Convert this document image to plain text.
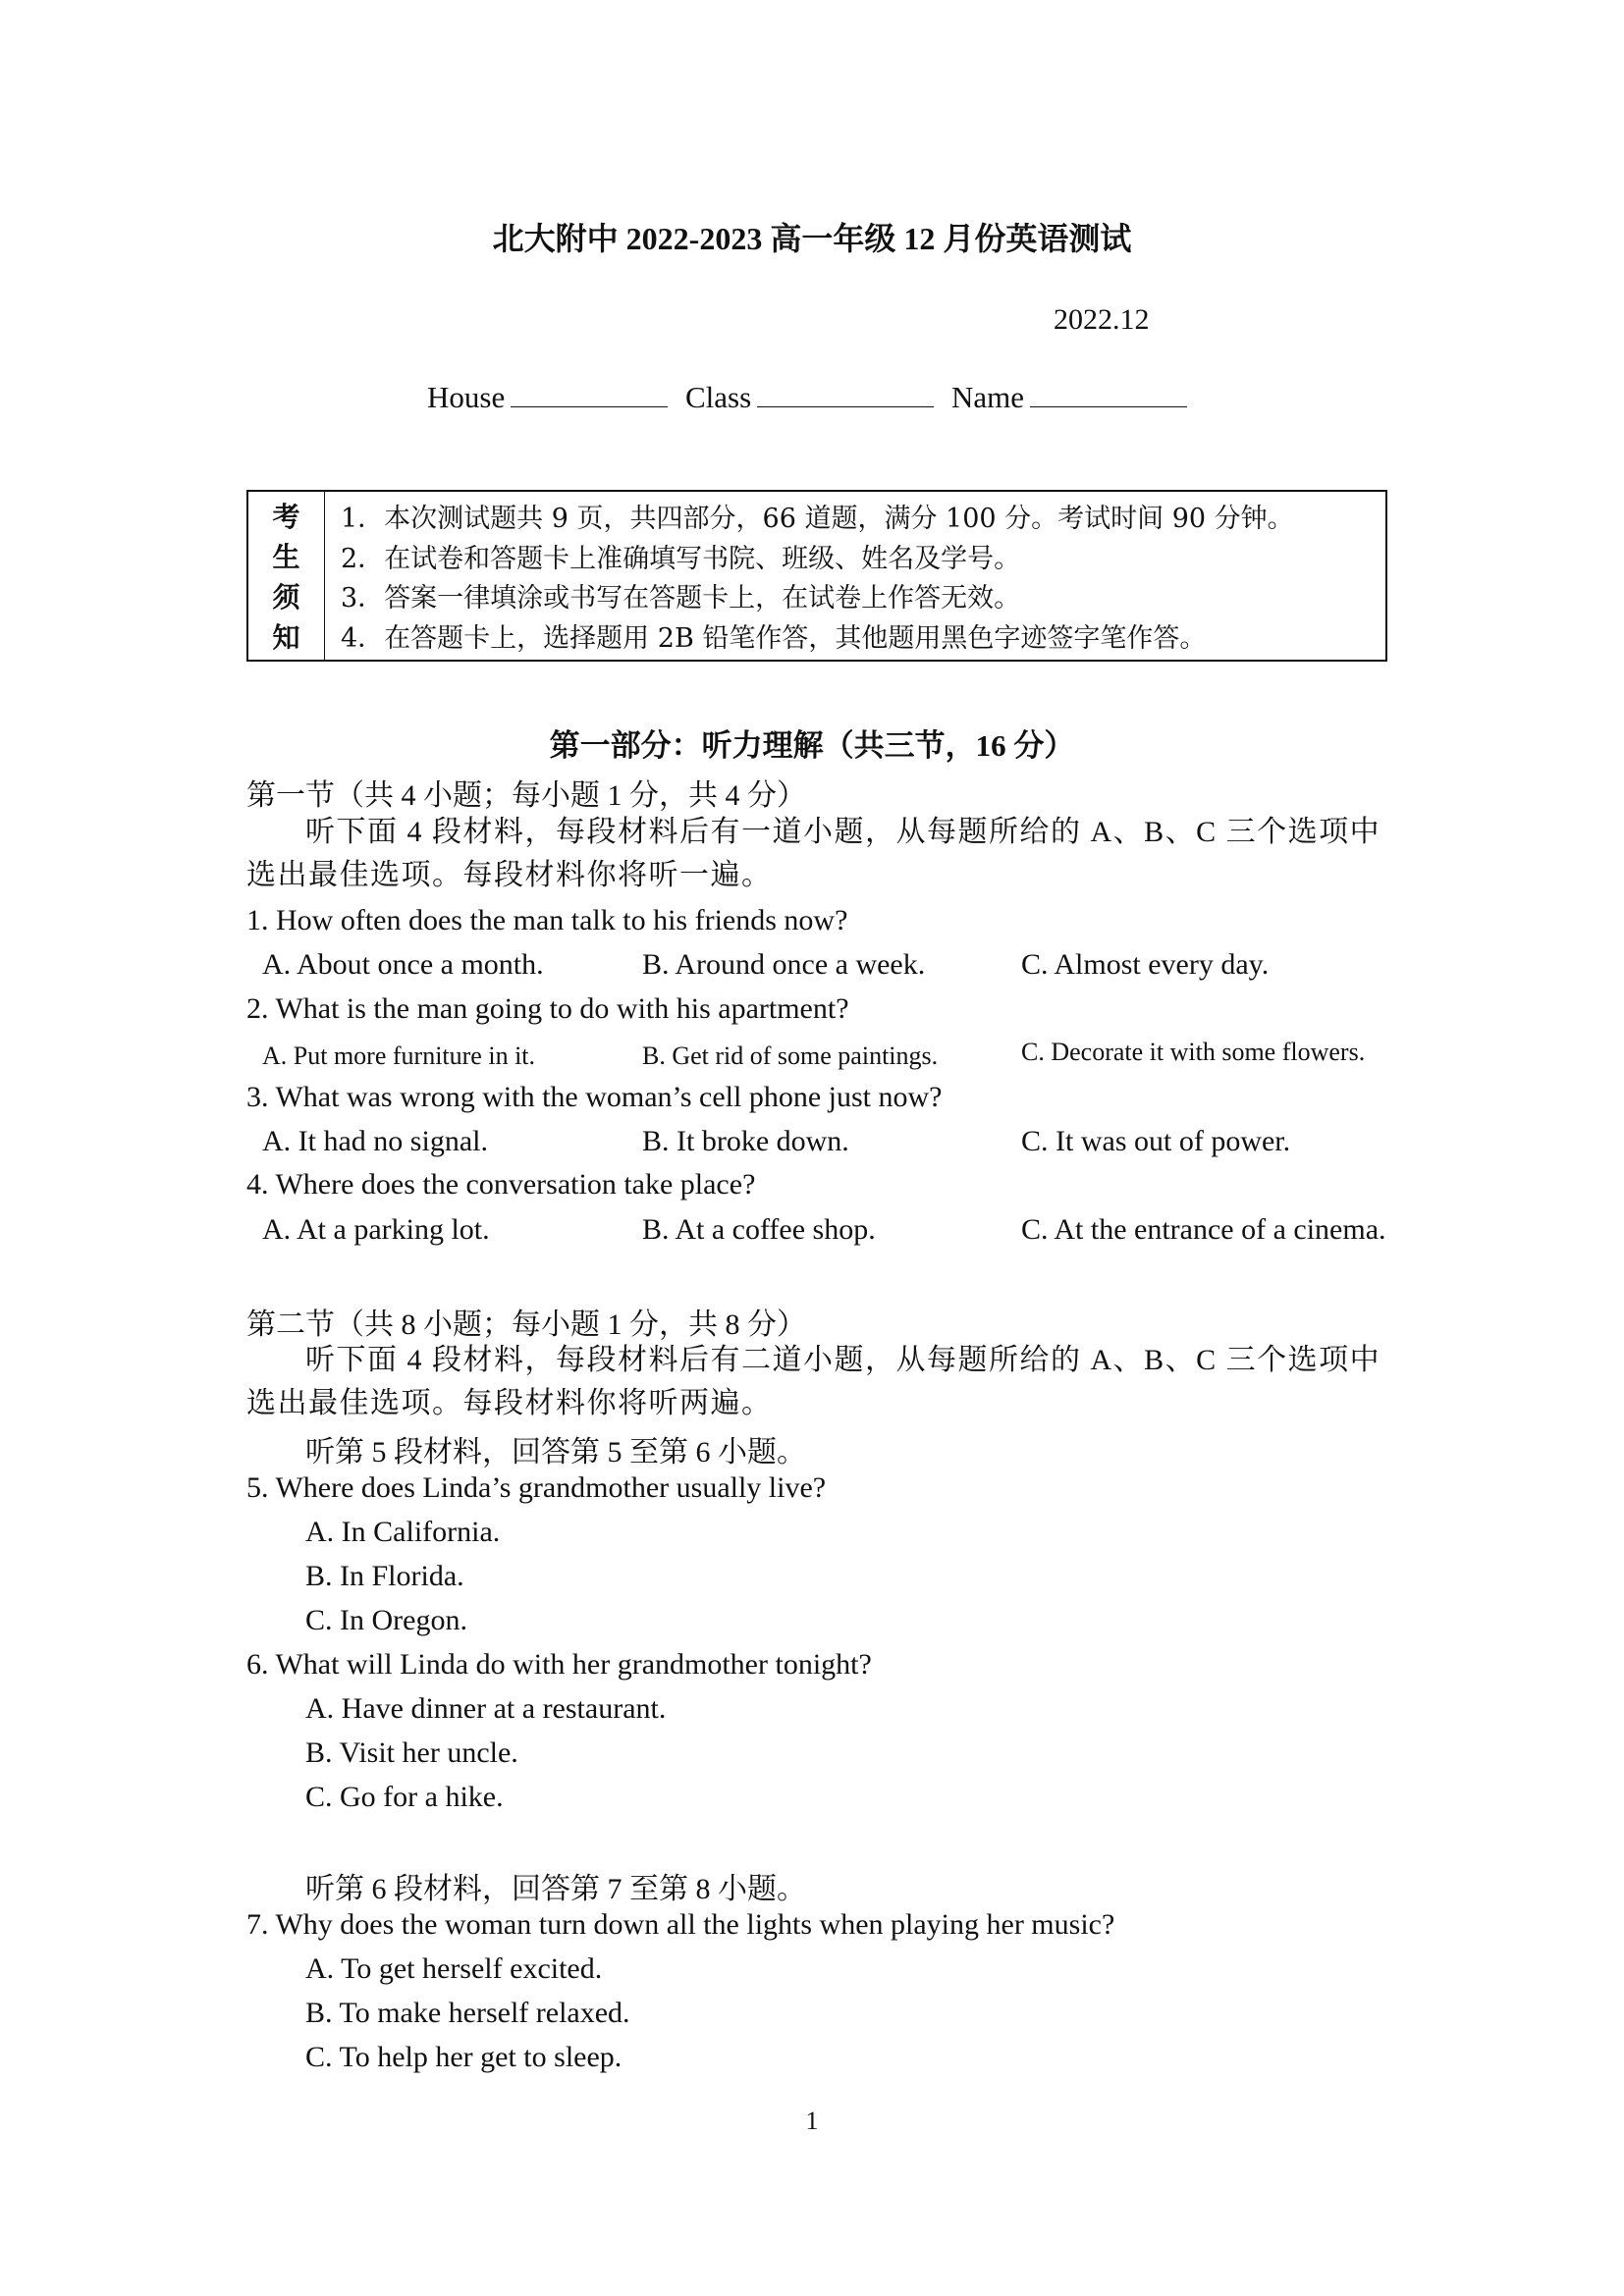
北大附中 2022-2023 高一年级 12 月份英语测试
2022.12
House	Class	Name
考
生
须
知
1．本次测试题共 9 页，共四部分，66 道题，满分 100 分。考试时间 90 分钟。
2．在试卷和答题卡上准确填写书院、班级、姓名及学号。
3．答案一律填涂或书写在答题卡上，在试卷上作答无效。
4．在答题卡上，选择题用 2B 铅笔作答，其他题用黑色字迹签字笔作答。
第一部分：听力理解（共三节，16 分）
第一节（共 4 小题；每小题 1 分，共 4 分）
听下面 4 段材料，每段材料后有一道小题，从每题所给的 A、B、C 三个选项中选出最佳选项。每段材料你将听一遍。
1. How often does the man talk to his friends now?
A. About once a month.	B. Around once a week.	C. Almost every day.
2. What is the man going to do with his apartment?
A. Put more furniture in it.	B. Get rid of some paintings.	C. Decorate it with some flowers.
3. What was wrong with the woman’s cell phone just now?
A. It had no signal.	B. It broke down.	C. It was out of power.
4. Where does the conversation take place?
A. At a parking lot.	B. At a coffee shop.	C. At the entrance of a cinema.
第二节（共 8 小题；每小题 1 分，共 8 分）
听下面 4 段材料，每段材料后有二道小题，从每题所给的 A、B、C 三个选项中选出最佳选项。每段材料你将听两遍。
听第 5 段材料，回答第 5 至第 6 小题。
5. Where does Linda’s grandmother usually live?
A. In California.
B. In Florida.
C. In Oregon.
6. What will Linda do with her grandmother tonight?
A. Have dinner at a restaurant.
B. Visit her uncle.
C. Go for a hike.
听第 6 段材料，回答第 7 至第 8 小题。
7. Why does the woman turn down all the lights when playing her music?
A. To get herself excited.
B. To make herself relaxed.
C. To help her get to sleep.
1
